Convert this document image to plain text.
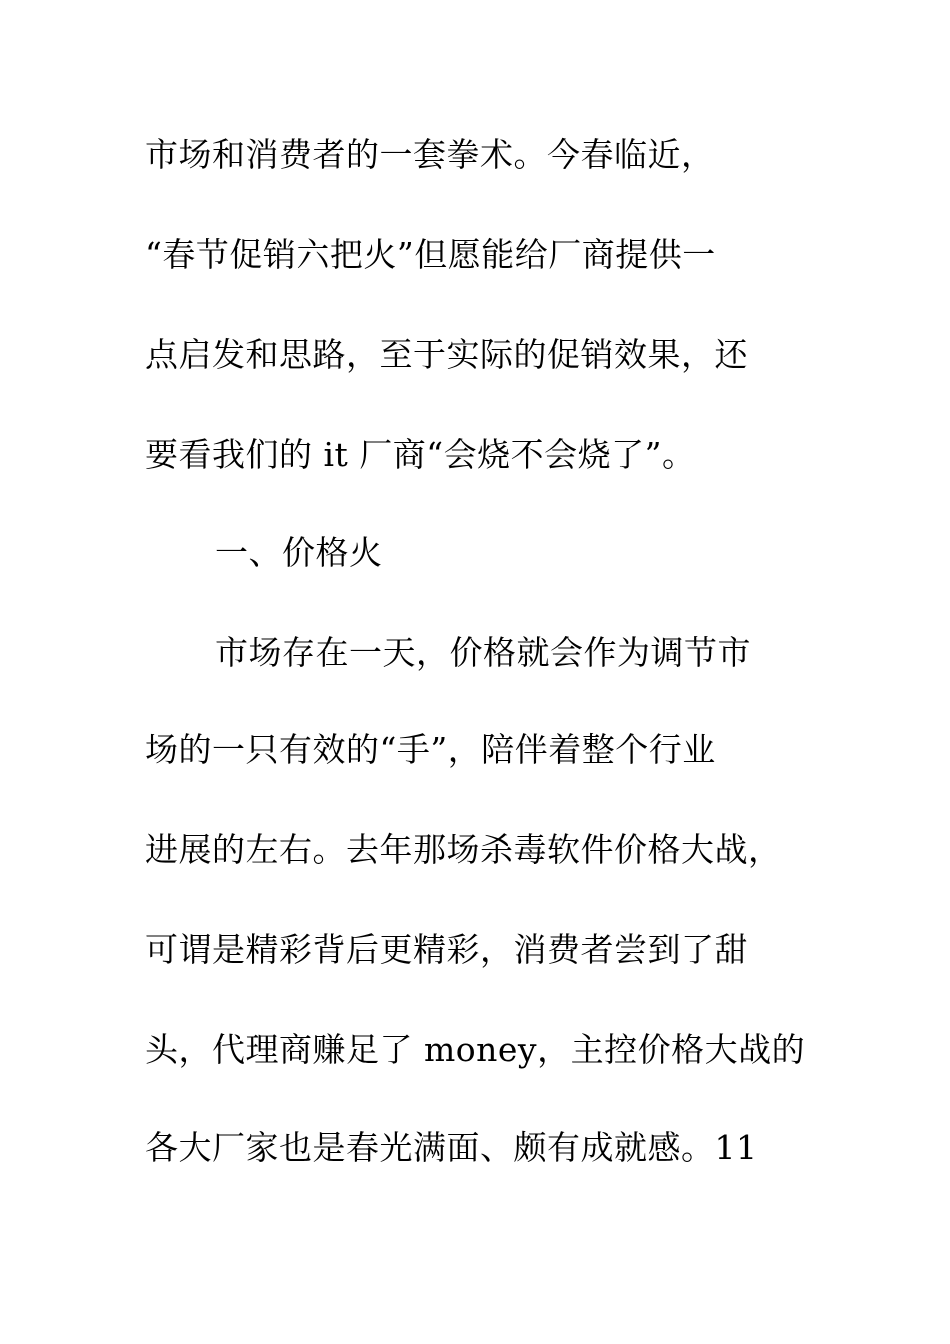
市场和消费者的一套拳术。今春临近，

“春节促销六把火”但愿能给厂商提供一

点启发和思路，至于实际的促销效果，还

要看我们的 it 厂商“会烧不会烧了”。

一、价格火

市场存在一天，价格就会作为调节市

场的一只有效的“手”，陪伴着整个行业

进展的左右。去年那场杀毒软件价格大战，

可谓是精彩背后更精彩，消费者尝到了甜

头，代理商赚足了 money，主控价格大战的

各大厂家也是春光满面、颇有成就感。11
